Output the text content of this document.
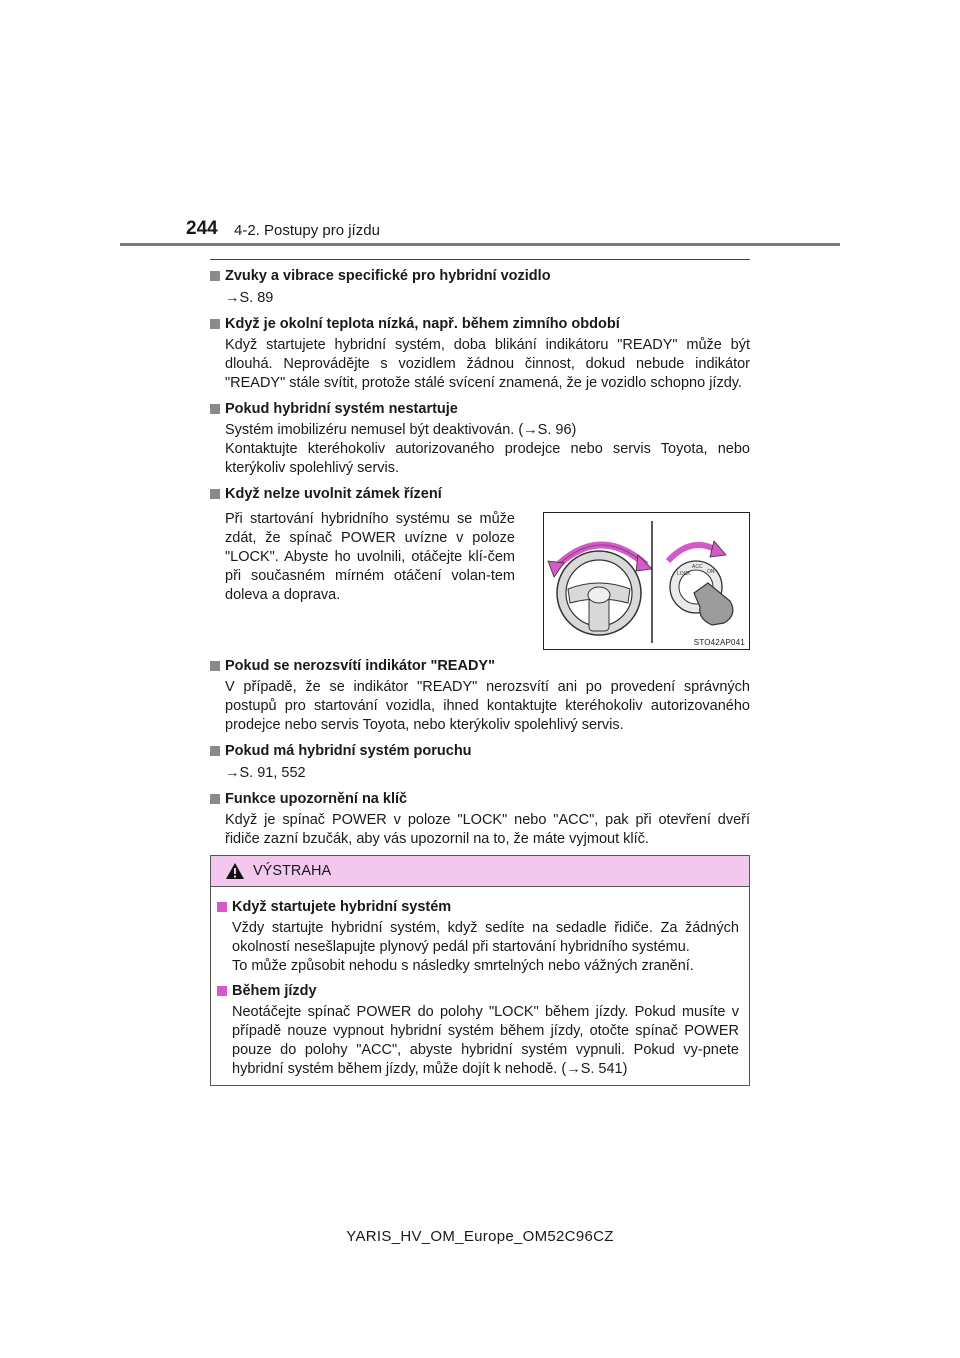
244 4-2. Postupy pro jízdu
Zvuky a vibrace specifické pro hybridní vozidlo
→S. 89
Když je okolní teplota nízká, např. během zimního období
Když startujete hybridní systém, doba blikání indikátoru "READY" může být dlouhá. Neprovádějte s vozidlem žádnou činnost, dokud nebude indikátor "READY" stále svítit, protože stálé svícení znamená, že je vozidlo schopno jízdy.
Pokud hybridní systém nestartuje
Systém imobilizéru nemusel být deaktivován. (→S. 96)
Kontaktujte kteréhokoliv autorizovaného prodejce nebo servis Toyota, nebo kterýkoliv spolehlivý servis.
Když nelze uvolnit zámek řízení
Při startování hybridního systému se může zdát, že spínač POWER uvízne v poloze "LOCK". Abyste ho uvolnili, otáčejte klí-čem při současném mírném otáčení volan-tem doleva a doprava.
LOCK
ACC
ON
STO42AP041
Pokud se nerozsvítí indikátor "READY"
V případě, že se indikátor "READY" nerozsvítí ani po provedení správných postupů pro startování vozidla, ihned kontaktujte kteréhokoliv autorizovaného prodejce nebo servis Toyota, nebo kterýkoliv spolehlivý servis.
Pokud má hybridní systém poruchu
→S. 91, 552
Funkce upozornění na klíč
Když je spínač POWER v poloze "LOCK" nebo "ACC", pak při otevření dveří řidiče zazní bzučák, aby vás upozornil na to, že máte vyjmout klíč.
VÝSTRAHA
Když startujete hybridní systém
Vždy startujte hybridní systém, když sedíte na sedadle řidiče. Za žádných okolností nesešlapujte plynový pedál při startování hybridního systému.
To může způsobit nehodu s následky smrtelných nebo vážných zranění.
Během jízdy
Neotáčejte spínač POWER do polohy "LOCK" během jízdy. Pokud musíte v případě nouze vypnout hybridní systém během jízdy, otočte spínač POWER pouze do polohy "ACC", abyste hybridní systém vypnuli. Pokud vy-pnete hybridní systém během jízdy, může dojít k nehodě. (→S. 541)
YARIS_HV_OM_Europe_OM52C96CZ
